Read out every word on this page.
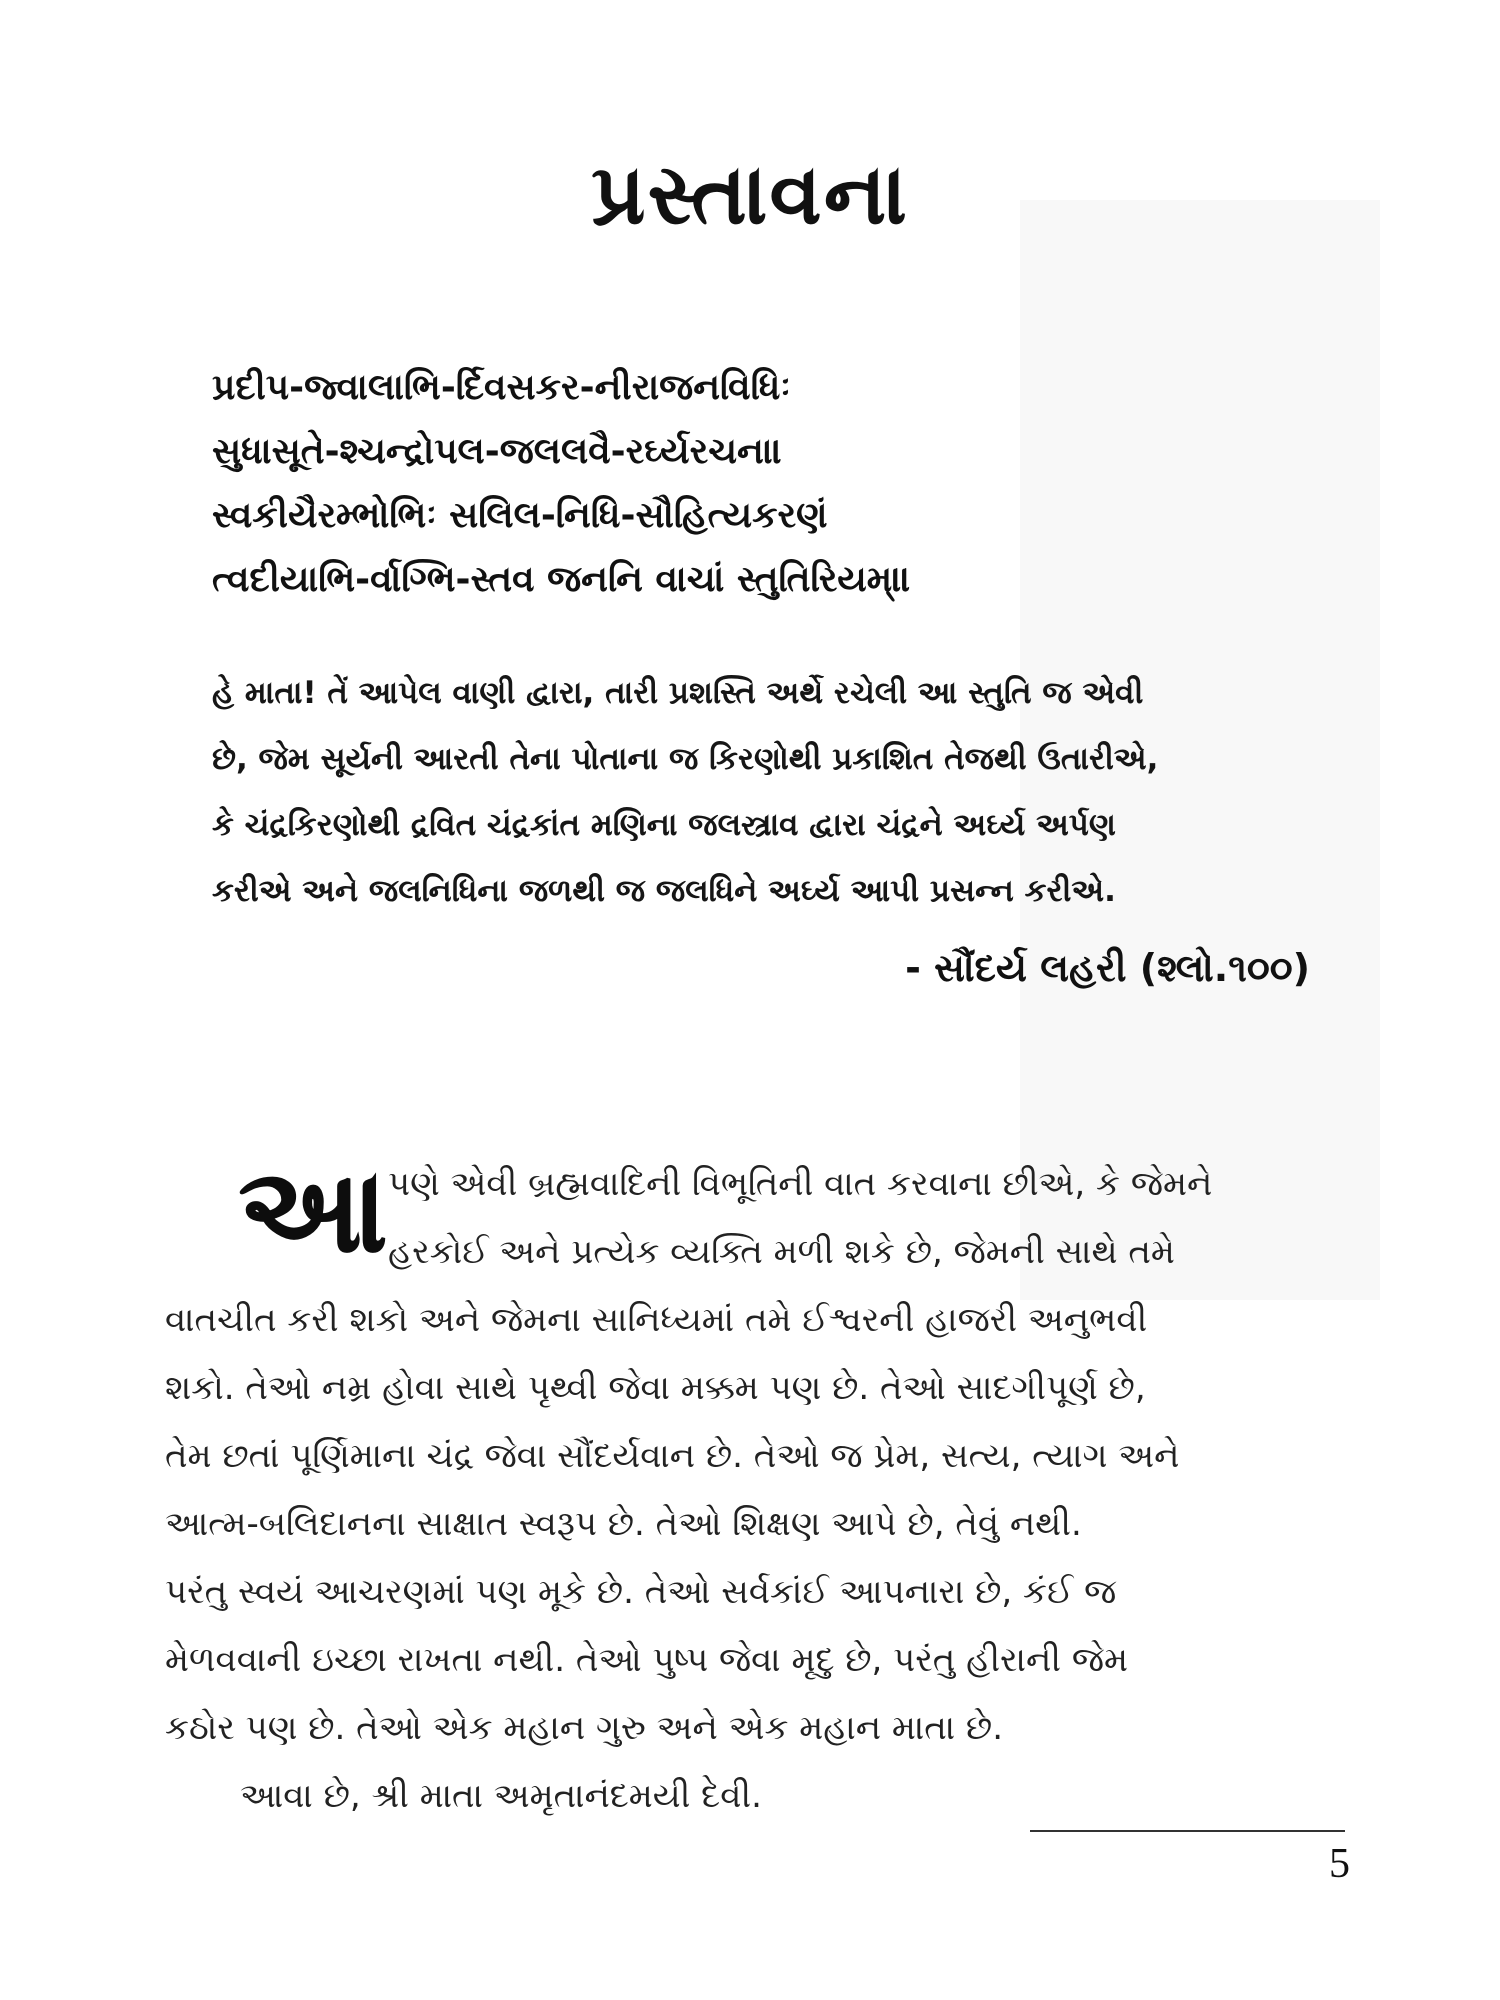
પ્રસ્તાવના
પ્રદીપ-જ્વાલાભિ-ર્દિવસકર-નીરાજનવિધિઃ
સુધાસૂતે-શ્ચન્દ્રોપલ-જલલવૈ-રર્ઘ્યરચના।
સ્વકીયૈરમ્ભોભિઃ સલિલ-નિધિ-સૌહિત્યકરણં
ત્વદીયાભિ-ર્વાગ્ભિ-સ્તવ જનનિ વાચાં સ્તુતિરિયમ્॥
હે માતા! તેં આપેલ વાણી દ્વારા, તારી પ્રશસ્તિ અર્થે રચેલી આ સ્તુતિ જ એવી
છે, જેમ સૂર્યની આરતી તેના પોતાના જ કિરણોથી પ્રકાશિત તેજથી ઉતારીએ,
કે ચંદ્રકિરણોથી દ્રવિત ચંદ્રકાંત મણિના જલસ્ત્રાવ દ્વારા ચંદ્રને અર્ઘ્ય અર્પણ
કરીએ અને જલનિધિના જળથી જ જલધિને અર્ઘ્ય આપી પ્રસન્ન કરીએ.
- સૌંદર્ય લહરી (શ્લો.૧૦૦)
આ પણે એવી બ્રહ્મવાદિની વિભૂતિની વાત કરવાના છીએ, કે જેમને
હરકોઈ અને પ્રત્યેક વ્યક્તિ મળી શકે છે, જેમની સાથે તમે
વાતચીત કરી શકો અને જેમના સાનિધ્યમાં તમે ઈશ્વરની હાજરી અનુભવી
શકો. તેઓ નમ્ર હોવા સાથે પૃથ્વી જેવા મક્કમ પણ છે. તેઓ સાદગીપૂર્ણ છે,
તેમ છતાં પૂર્ણિમાના ચંદ્ર જેવા સૌંદર્યવાન છે. તેઓ જ પ્રેમ, સત્ય, ત્યાગ અને
આત્મ-બલિદાનના સાક્ષાત સ્વરૂપ છે. તેઓ શિક્ષણ આપે છે, તેવું નથી.
પરંતુ સ્વયં આચરણમાં પણ મૂકે છે. તેઓ સર્વકાંઈ આપનારા છે, કંઈ જ
મેળવવાની ઇચ્છા રાખતા નથી. તેઓ પુષ્પ જેવા મૃદુ છે, પરંતુ હીરાની જેમ
કઠોર પણ છે. તેઓ એક મહાન ગુરુ અને એક મહાન માતા છે.
આવા છે, શ્રી માતા અમૃતાનંદમયી દેવી.
5
